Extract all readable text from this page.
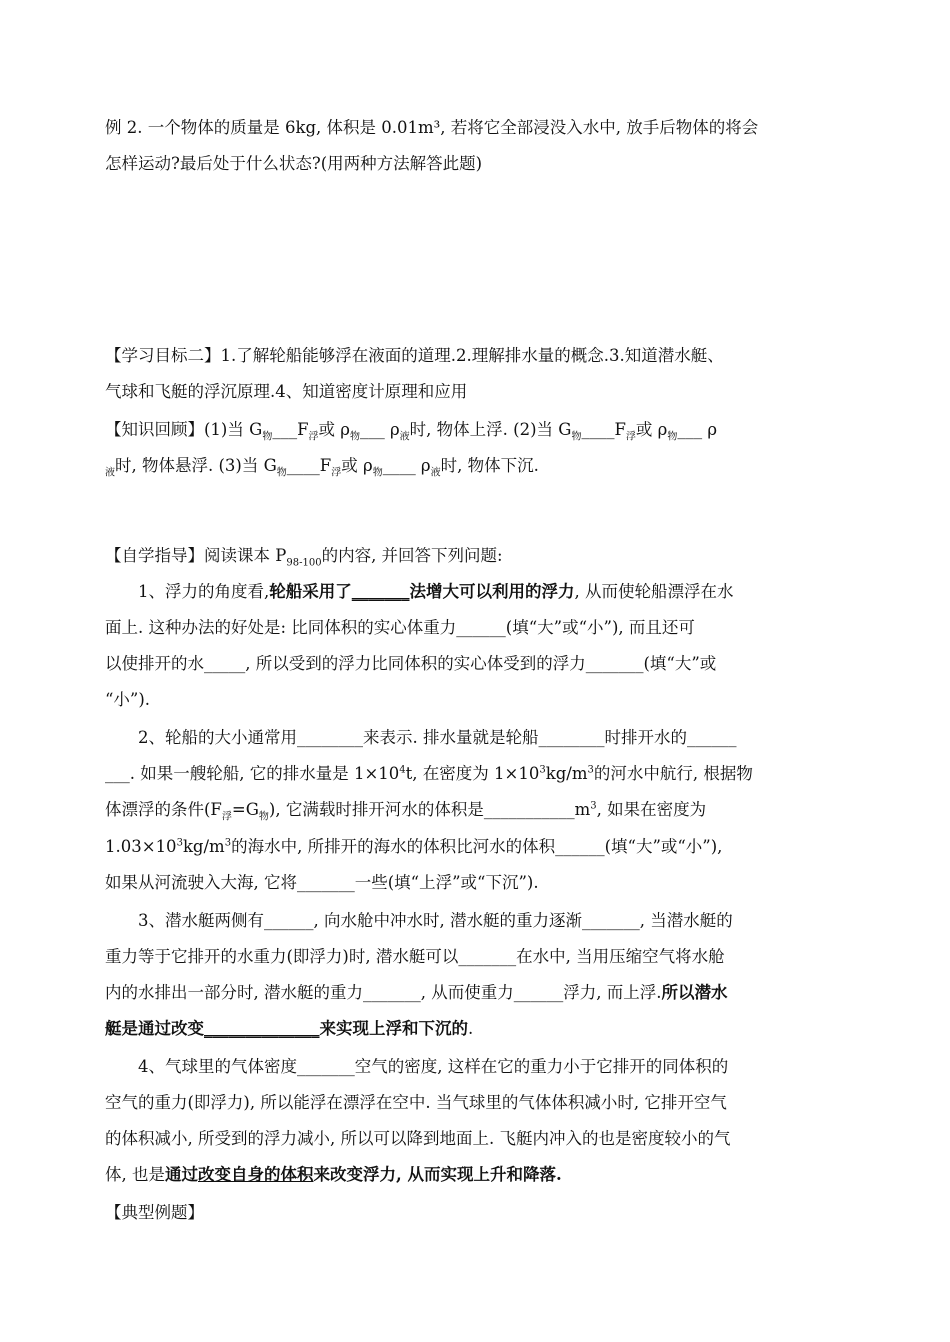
例 2. 一个物体的质量是 6kg, 体积是 0.01m³, 若将它全部浸没入水中, 放手后物体的将会
怎样运动?最后处于什么状态?(用两种方法解答此题)
【学习目标二】1.了解轮船能够浮在液面的道理.2.理解排水量的概念.3.知道潜水艇、
气球和飞艇的浮沉原理.4、知道密度计原理和应用
【知识回顾】(1)当 $G_物\_\_\_F_浮$或 $\rho_物\_\_\_$ $\rho_液$时, 物体上浮. (2)当 $G_物\_\_\_\_F_浮$或 $\rho_物\_\_\_$ ρ
$_液$时, 物体悬浮. (3)当 $G_物\_\_\_\_F_浮$或 $\rho_物\_\_\_\_$ $\rho_液$时, 物体下沉.
【自学指导】阅读课本 $P_{98-100}$的内容, 并回答下列问题:
1、浮力的角度看,轮船采用了_______法增大可以利用的浮力, 从而使轮船漂浮在水
面上. 这种办法的好处是: 比同体积的实心体重力______(填“大”或“小”), 而且还可
以使排开的水_____, 所以受到的浮力比同体积的实心体受到的浮力_______(填“大”或
“小”).
2、轮船的大小通常用________来表示. 排水量就是轮船________时排开水的______
___. 如果一艘轮船, 它的排水量是 $1\times 10^4t$, 在密度为 $1\times 10^3kg/m^3$的河水中航行, 根据物
体漂浮的条件$(F_浮=G_物)$, 它满载时排开河水的体积是$\_\_\_\_\_\_\_\_\_\_\_m^3$, 如果在密度为
$1.03\times 10^3kg/m^3$的海水中, 所排开的海水的体积比河水的体积______(填“大”或“小”),
如果从河流驶入大海, 它将_______一些(填“上浮”或“下沉”).
3、潜水艇两侧有______, 向水舱中冲水时, 潜水艇的重力逐渐_______, 当潜水艇的
重力等于它排开的水重力(即浮力)时, 潜水艇可以_______在水中, 当用压缩空气将水舱
内的水排出一部分时, 潜水艇的重力_______, 从而使重力______浮力, 而上浮.所以潜水
艇是通过改变______________来实现上浮和下沉的.
4、气球里的气体密度_______空气的密度, 这样在它的重力小于它排开的同体积的
空气的重力(即浮力), 所以能浮在漂浮在空中. 当气球里的气体体积减小时, 它排开空气
的体积减小, 所受到的浮力减小, 所以可以降到地面上. 飞艇内冲入的也是密度较小的气
体, 也是通过改变自身的体积来改变浮力, 从而实现上升和降落.
【典型例题】
